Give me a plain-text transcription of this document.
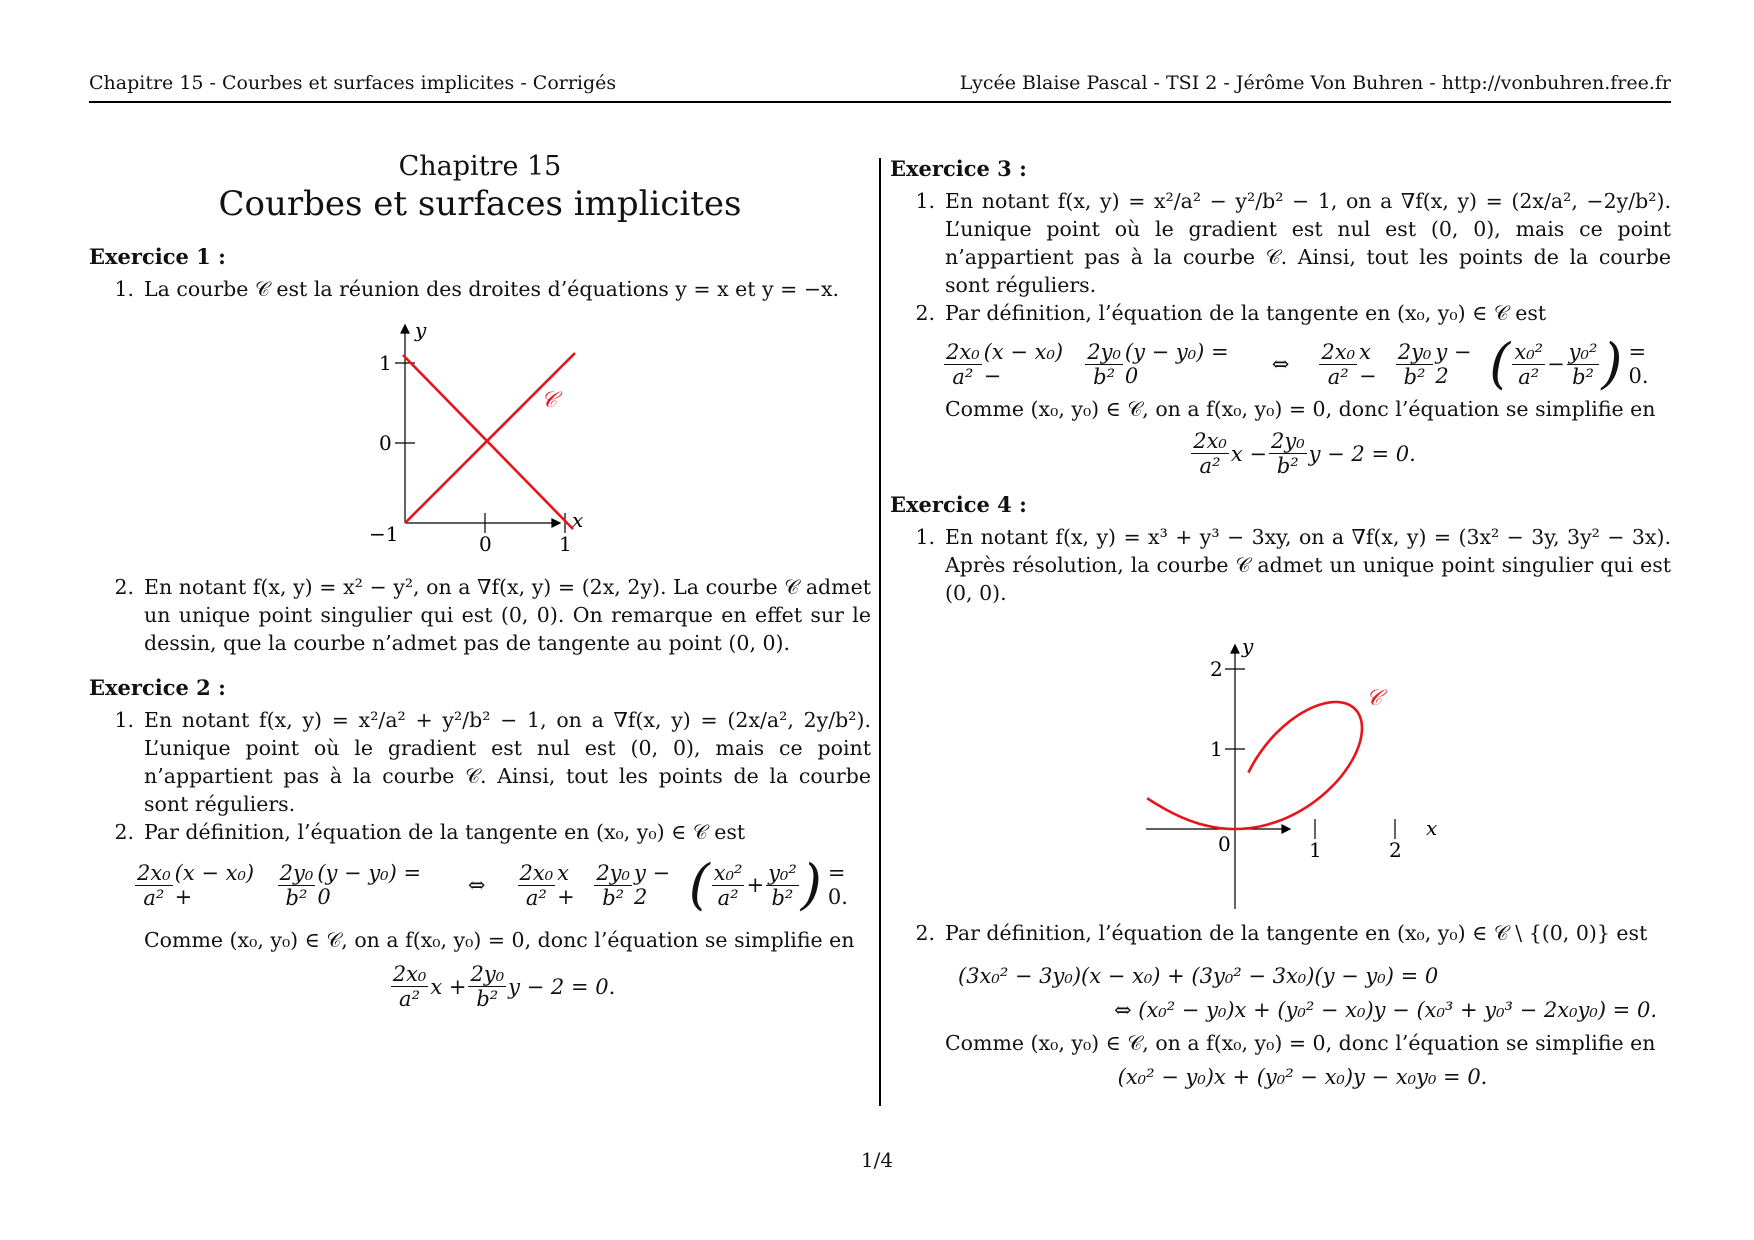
Chapitre 15 - Courbes et surfaces implicites - Corrigés	Lycée Blaise Pascal - TSI 2 - Jérôme Von Buhren - http://vonbuhren.free.fr
Chapitre 15
Courbes et surfaces implicites

Exercice 1 :

1. La courbe 𝒞 est la réunion des droites d’équations y = x et y = −x.
y
x
𝒞
1
0
−1	0	1
2. En notant f(x, y) = x² − y², on a ∇f(x, y) = (2x, 2y). La courbe 𝒞 admet un unique point singulier qui est (0, 0). On remarque en effet sur le dessin, que la courbe n’admet pas de tangente au point (0, 0).

Exercice 2 :

1. En notant f(x, y) = x²/a² + y²/b² − 1, on a ∇f(x, y) = (2x/a², 2y/b²). L’unique point où le gradient est nul est (0, 0), mais ce point n’appartient pas à la courbe 𝒞. Ainsi, tout les points de la courbe sont réguliers.
2. Par définition, l’équation de la tangente en (x₀, y₀) ∈ 𝒞 est
$\frac{\text{2x₀}}{\text{a²}} (x - x_0)$ +	$\frac{\text{2y₀}}{\text{b²}} (y - y_0) = 0$	⇔ $\frac{\text{2x₀}}{\text{a²}}$ $x + \frac{\text{2y₀}}{\text{b²}}$ y − 2 ( $\frac{\text{x₀²}}{\text{a²}} + \frac{\text{y₀²}}{\text{b²}}$ ) = 0.
Comme (x₀, y₀) ∈ 𝒞, on a f(x₀, y₀) = 0, donc l’équation se simplifie en
$\frac{\text{2x₀}}{\text{a²}}$ $x + \frac{\text{2y₀}}{\text{b²}}$ y − 2 = 0.

Exercice 3 :

1. En notant f(x, y) = x²/a² − y²/b² − 1, on a ∇f(x, y) = (2x/a², −2y/b²). L’unique point où le gradient est nul est (0, 0), mais ce point n’appartient pas à la courbe 𝒞. Ainsi, tout les points de la courbe sont réguliers.
2. Par définition, l’équation de la tangente en (x₀, y₀) ∈ 𝒞 est
$\frac{\text{2x₀}}{\text{a²}} (x - x_0)$ −	$\frac{\text{2y₀}}{\text{b²}} (y - y_0) = 0$	⇔ $\frac{\text{2x₀}}{\text{a²}}$ $x - \frac{\text{2y₀}}{\text{b²}}$ y − 2 ( $\frac{\text{x₀²}}{\text{a²}} - \frac{\text{y₀²}}{\text{b²}}$ ) = 0.
Comme (x₀, y₀) ∈ 𝒞, on a f(x₀, y₀) = 0, donc l’équation se simplifie en
$\frac{\text{2x₀}}{\text{a²}}$ $x - \frac{\text{2y₀}}{\text{b²}}$ y − 2 = 0.

Exercice 4 :

1. En notant f(x, y) = x³ + y³ − 3xy, on a ∇f(x, y) = (3x² − 3y, 3y² − 3x). Après résolution, la courbe 𝒞 admet un unique point singulier qui est (0, 0).
y
x
𝒞
2
1
0	1	2
2. Par définition, l’équation de la tangente en (x₀, y₀) ∈ 𝒞 \ {(0, 0)} est
(3x₀² − 3y₀)(x − x₀) + (3y₀² − 3x₀)(y − y₀) = 0
⇔ (x₀² − y₀)x + (y₀² − x₀)y − (x₀³ + y₀³ − 2x₀y₀) = 0.
Comme (x₀, y₀) ∈ 𝒞, on a f(x₀, y₀) = 0, donc l’équation se simplifie en
(x₀² − y₀)x + (y₀² − x₀)y − x₀y₀ = 0.
1/4
